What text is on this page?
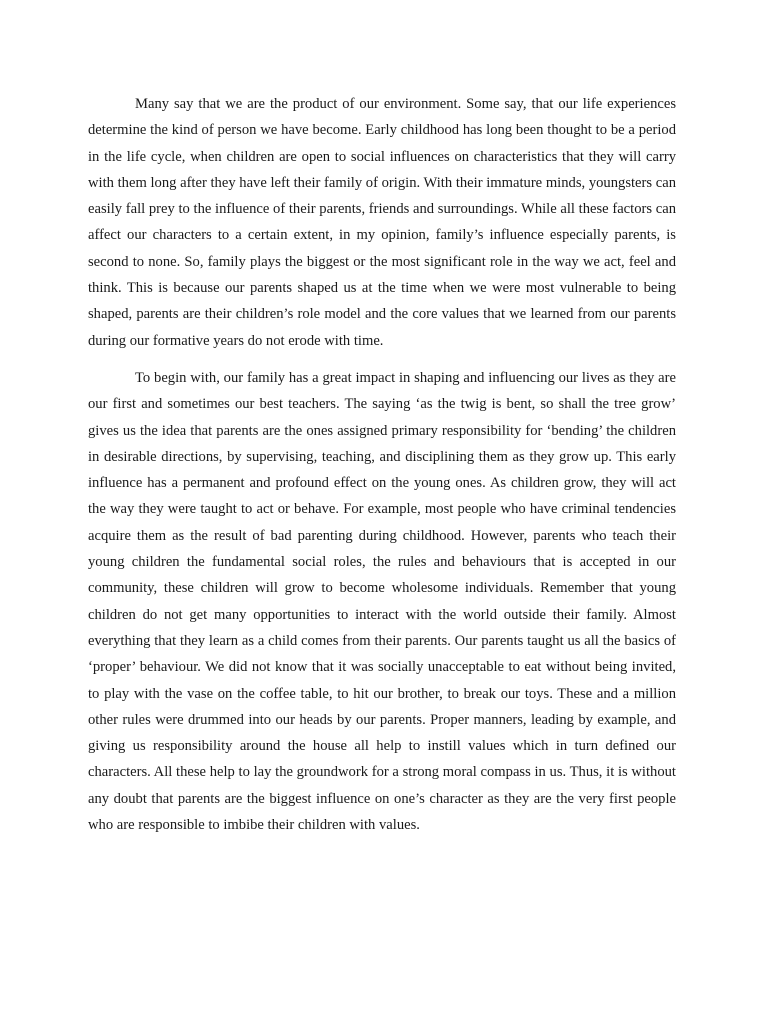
Many say that we are the product of our environment. Some say, that our life experiences determine the kind of person we have become. Early childhood has long been thought to be a period in the life cycle, when children are open to social influences on characteristics that they will carry with them long after they have left their family of origin. With their immature minds, youngsters can easily fall prey to the influence of their parents, friends and surroundings. While all these factors can affect our characters to a certain extent, in my opinion, family’s influence especially parents, is second to none. So, family plays the biggest or the most significant role in the way we act, feel and think. This is because our parents shaped us at the time when we were most vulnerable to being shaped, parents are their children’s role model and the core values that we learned from our parents during our formative years do not erode with time.

To begin with, our family has a great impact in shaping and influencing our lives as they are our first and sometimes our best teachers. The saying ‘as the twig is bent, so shall the tree grow’ gives us the idea that parents are the ones assigned primary responsibility for ‘bending’ the children in desirable directions, by supervising, teaching, and disciplining them as they grow up. This early influence has a permanent and profound effect on the young ones. As children grow, they will act the way they were taught to act or behave. For example, most people who have criminal tendencies acquire them as the result of bad parenting during childhood. However, parents who teach their young children the fundamental social roles, the rules and behaviours that is accepted in our community, these children will grow to become wholesome individuals. Remember that young children do not get many opportunities to interact with the world outside their family. Almost everything that they learn as a child comes from their parents. Our parents taught us all the basics of ‘proper’ behaviour. We did not know that it was socially unacceptable to eat without being invited, to play with the vase on the coffee table, to hit our brother, to break our toys. These and a million other rules were drummed into our heads by our parents. Proper manners, leading by example, and giving us responsibility around the house all help to instill values which in turn defined our characters. All these help to lay the groundwork for a strong moral compass in us. Thus, it is without any doubt that parents are the biggest influence on one’s character as they are the very first people who are responsible to imbibe their children with values.
